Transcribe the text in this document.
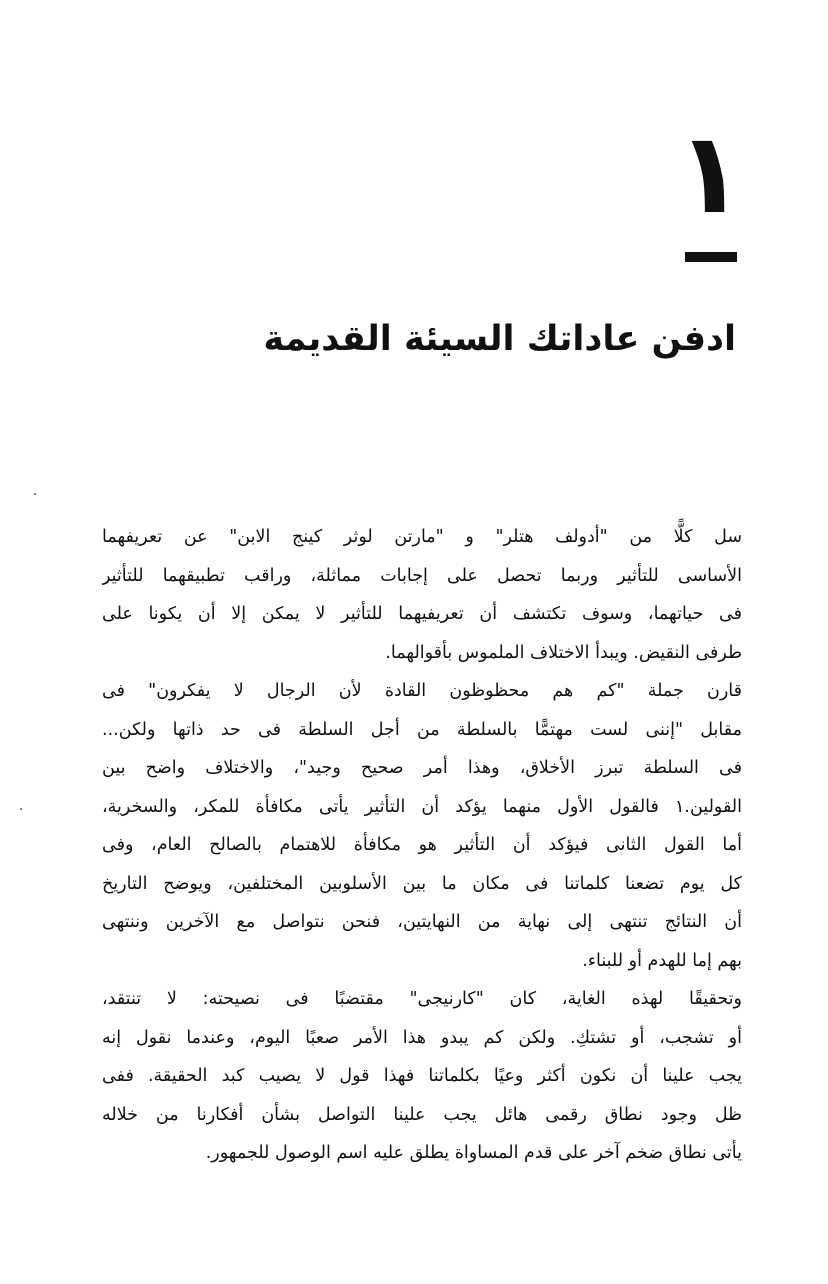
١
ادفن عاداتك السيئة القديمة
سل كلًّا من "أدولف هتلر" و "مارتن لوثر كينج الابن" عن تعريفهما
الأساسى للتأثير وربما تحصل على إجابات مماثلة، وراقب تطبيقهما للتأثير
فى حياتهما، وسوف تكتشف أن تعريفيهما للتأثير لا يمكن إلا أن يكونا على
طرفى النقيض. ويبدأ الاختلاف الملموس بأقوالهما.
قارن جملة "كم هم محظوظون القادة لأن الرجال لا يفكرون" فى
مقابل "إننى لست مهتمًّا بالسلطة من أجل السلطة فى حد ذاتها ولكن...
فى السلطة تبرز الأخلاق، وهذا أمر صحيح وجيد"، والاختلاف واضح بين
القولين.١ فالقول الأول منهما يؤكد أن التأثير يأتى مكافأة للمكر، والسخرية،
أما القول الثانى فيؤكد أن التأثير هو مكافأة للاهتمام بالصالح العام، وفى
كل يوم تضعنا كلماتنا فى مكان ما بين الأسلوبين المختلفين، ويوضح التاريخ
أن النتائج تنتهى إلى نهاية من النهايتين، فنحن نتواصل مع الآخرين وننتهى
بهم إما للهدم أو للبناء.
وتحقيقًا لهذه الغاية، كان "كارنيجى" مقتضبًا فى نصيحته: لا تنتقد،
أو تشجب، أو تشتكِ. ولكن كم يبدو هذا الأمر صعبًا اليوم، وعندما نقول إنه
يجب علينا أن نكون أكثر وعيًا بكلماتنا فهذا قول لا يصيب كبد الحقيقة. ففى
ظل وجود نطاق رقمى هائل يجب علينا التواصل بشأن أفكارنا من خلاله
يأتى نطاق ضخم آخر على قدم المساواة يطلق عليه اسم الوصول للجمهور.
